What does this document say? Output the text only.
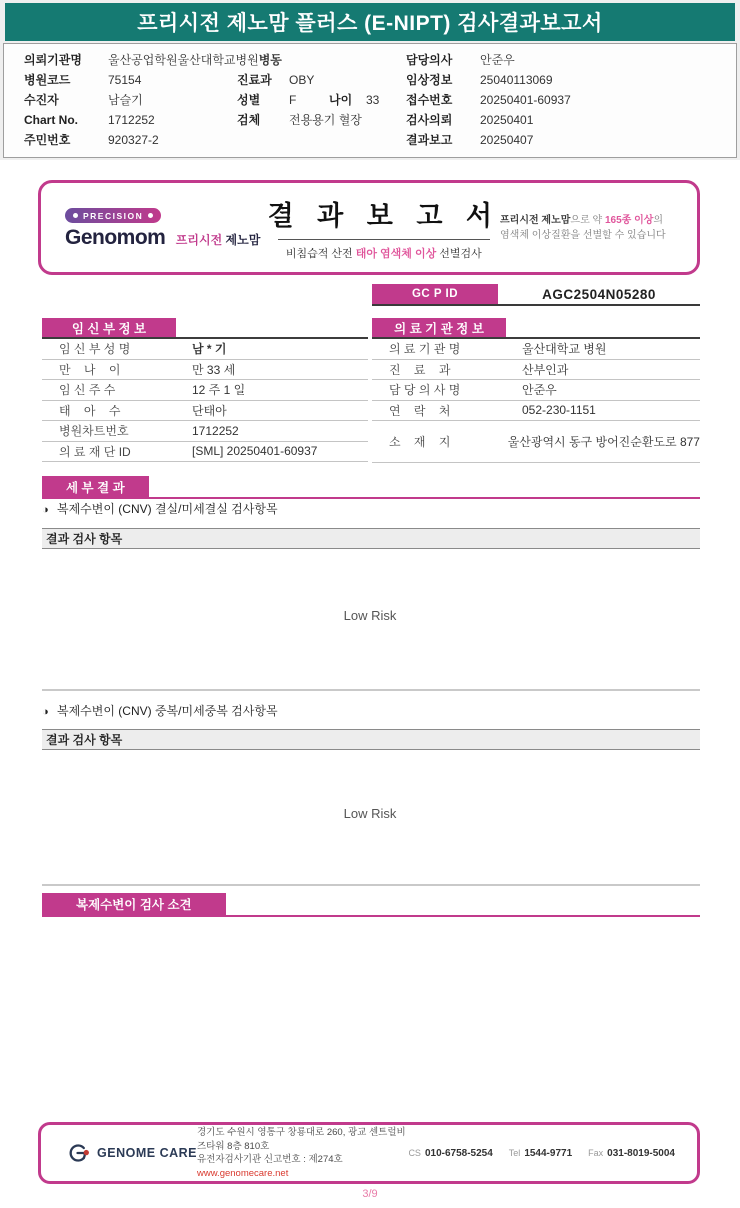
프리시전 제노맘 플러스 (E-NIPT) 검사결과보고서
의뢰기관명 울산공업학원울산대학교병원병동	담당의사 안준우
병원코드	75154	진료과 OBY	임상정보 25040113069
수진자	남슬기	성별 F	나이 33 접수번호 20250401-60937
Chart No.	1712252	검체 전용용기 혈장	검사의뢰 20250401
주민번호	920327-2	결과보고 20250407
PRECISION
Genomom 프리시전 제노맘
결 과 보 고 서
비침습적 산전 태아 염색체 이상 선별검사
프리시전 제노맘으로 약 165종 이상의
염색체 이상질환을 선별할 수 있습니다
GC P ID	AGC2504N05280
임 신 부 정 보
임 신 부 성 명	남 * 기
만    나    이	만 33 세
임 신 주 수	12 주 1 일
태    아    수	단태아
병원차트번호	1712252
의 료 재 단 ID	[SML] 20250401-60937
의 료 기 관 정 보
의 료 기 관 명	울산대학교 병원
진    료    과	산부인과
담 당 의 사 명	안준우
연    락    처	052-230-1151
소    재    지	울산광역시 동구 방어진순환도로 877
세 부 결 과
◑ 복제수변이 (CNV) 결실/미세결실 검사항목
결과 검사 항목
Low Risk
◑ 복제수변이 (CNV) 중복/미세중복 검사항목
결과 검사 항목
Low Risk
복제수변이 검사 소견
GENOME CARE
경기도 수원시 영통구 창룡대로 260, 광교 센트럴비즈타워 8층 810호
유전자검사기관 신고번호 : 제274호
www.genomecare.net
CS 010-6758-5254 Tel 1544-9771 Fax 031-8019-5004
3/9
